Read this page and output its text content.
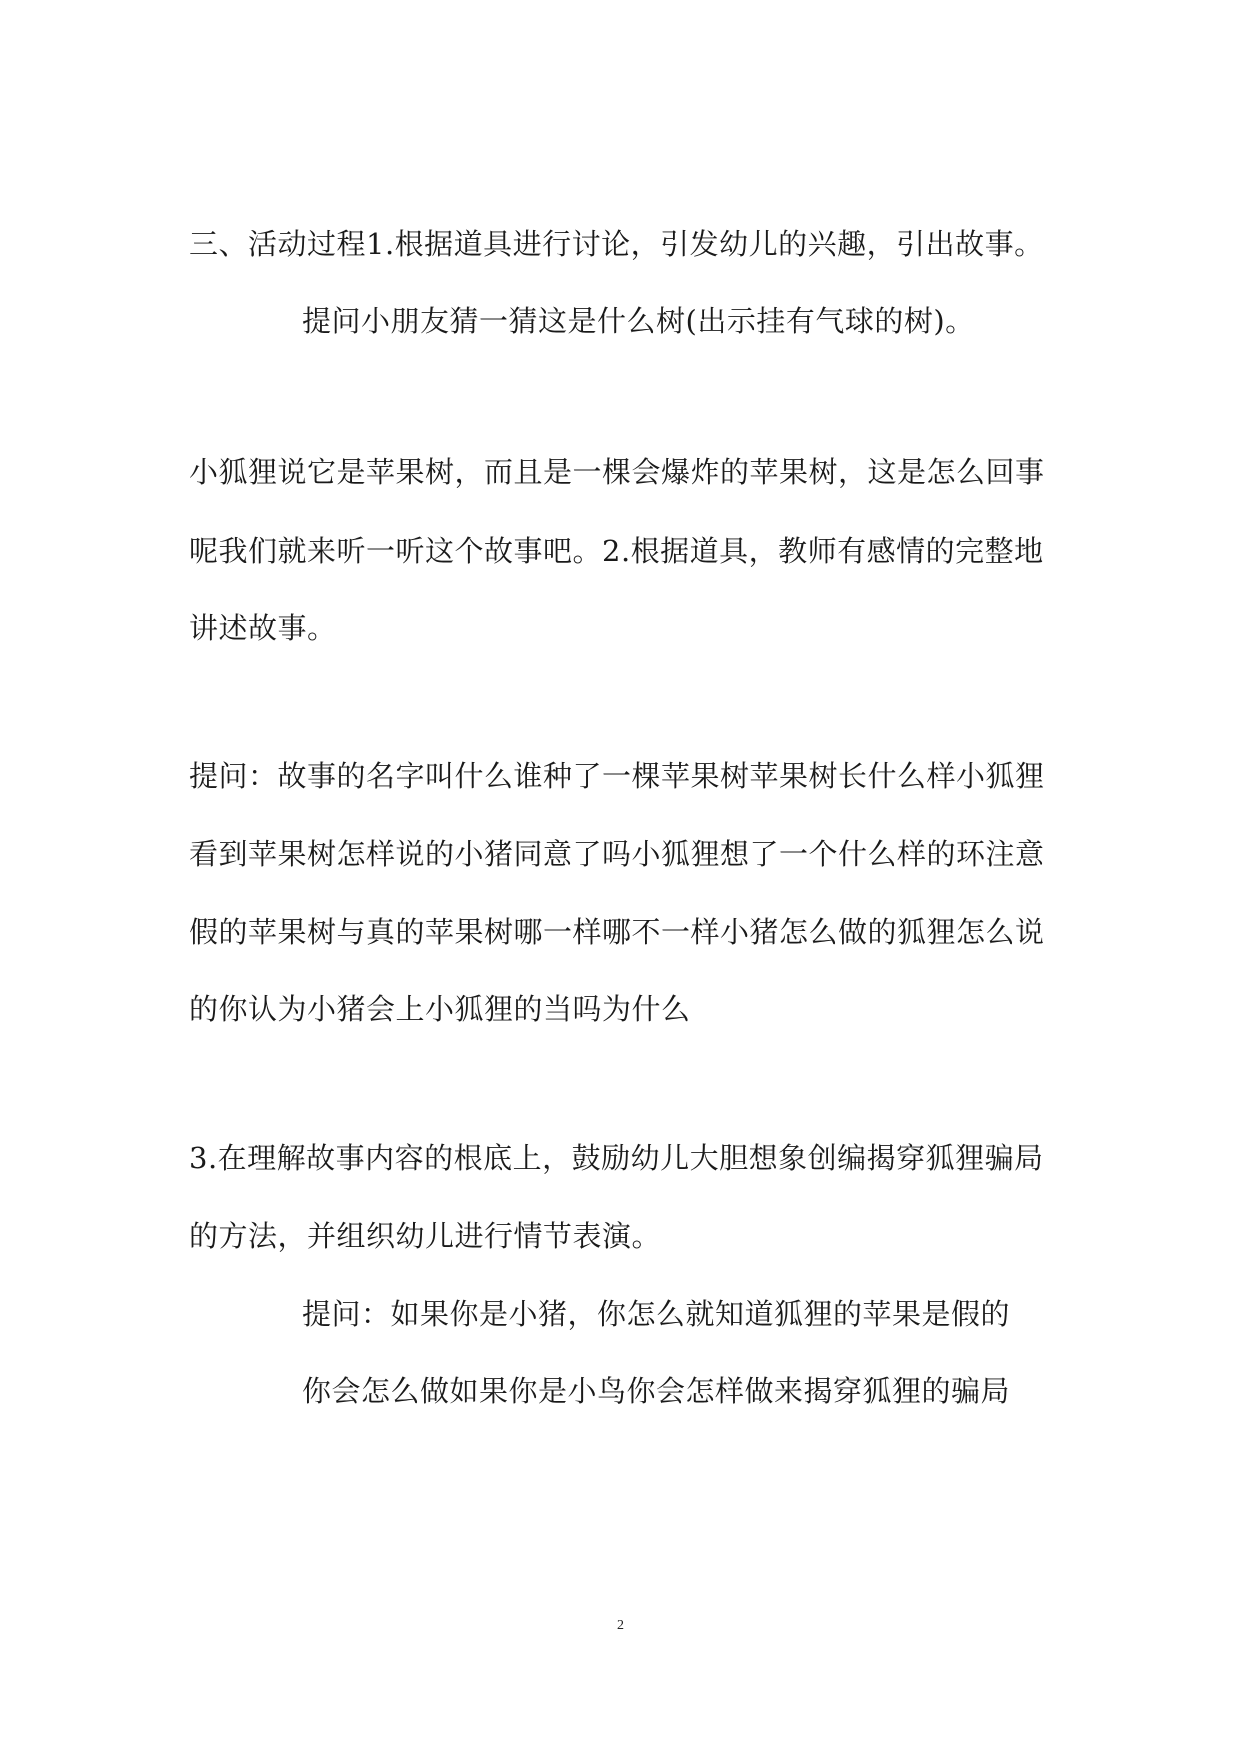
三、活动过程1.根据道具进行讨论，引发幼儿的兴趣，引出故事。
提问小朋友猜一猜这是什么树(出示挂有气球的树)。
小狐狸说它是苹果树，而且是一棵会爆炸的苹果树，这是怎么回事
呢我们就来听一听这个故事吧。2.根据道具，教师有感情的完整地
讲述故事。
提问：故事的名字叫什么谁种了一棵苹果树苹果树长什么样小狐狸
看到苹果树怎样说的小猪同意了吗小狐狸想了一个什么样的环注意
假的苹果树与真的苹果树哪一样哪不一样小猪怎么做的狐狸怎么说
的你认为小猪会上小狐狸的当吗为什么
3.在理解故事内容的根底上，鼓励幼儿大胆想象创编揭穿狐狸骗局
的方法，并组织幼儿进行情节表演。
提问：如果你是小猪，你怎么就知道狐狸的苹果是假的
你会怎么做如果你是小鸟你会怎样做来揭穿狐狸的骗局
2
